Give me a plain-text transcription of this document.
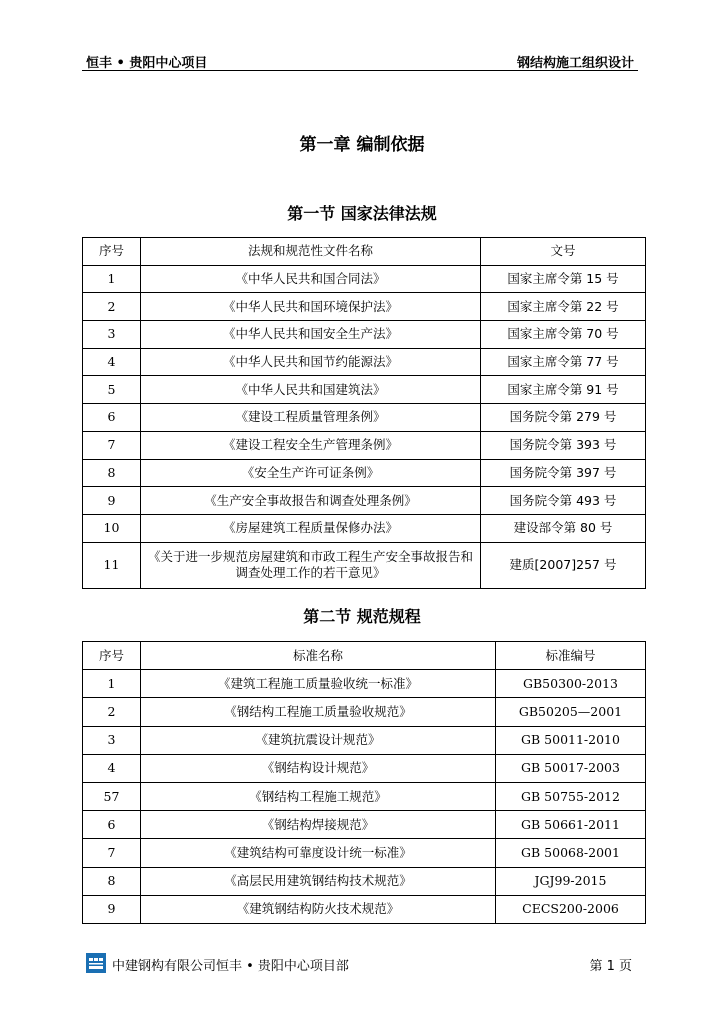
恒丰 • 贵阳中心项目	钢结构施工组织设计
第一章 编制依据
第一节 国家法律法规
序号	法规和规范性文件名称	文号
1	《中华人民共和国合同法》	国家主席令第 15 号
2	《中华人民共和国环境保护法》	国家主席令第 22 号
3	《中华人民共和国安全生产法》	国家主席令第 70 号
4	《中华人民共和国节约能源法》	国家主席令第 77 号
5	《中华人民共和国建筑法》	国家主席令第 91 号
6	《建设工程质量管理条例》	国务院令第 279 号
7	《建设工程安全生产管理条例》	国务院令第 393 号
8	《安全生产许可证条例》	国务院令第 397 号
9	《生产安全事故报告和调查处理条例》	国务院令第 493 号
10	《房屋建筑工程质量保修办法》	建设部令第 80 号
11	《关于进一步规范房屋建筑和市政工程生产安全事故报告和调查处理工作的若干意见》	建质[2007]257 号
第二节 规范规程
序号	标准名称	标准编号
1	《建筑工程施工质量验收统一标准》	GB50300-2013
2	《钢结构工程施工质量验收规范》	GB50205—2001
3	《建筑抗震设计规范》	GB 50011-2010
4	《钢结构设计规范》	GB 50017-2003
57	《钢结构工程施工规范》	GB 50755-2012
6	《钢结构焊接规范》	GB 50661-2011
7	《建筑结构可靠度设计统一标准》	GB 50068-2001
8	《高层民用建筑钢结构技术规范》	JGJ99-2015
9	《建筑钢结构防火技术规范》	CECS200-2006
中建钢构有限公司恒丰 • 贵阳中心项目部	第 1 页
